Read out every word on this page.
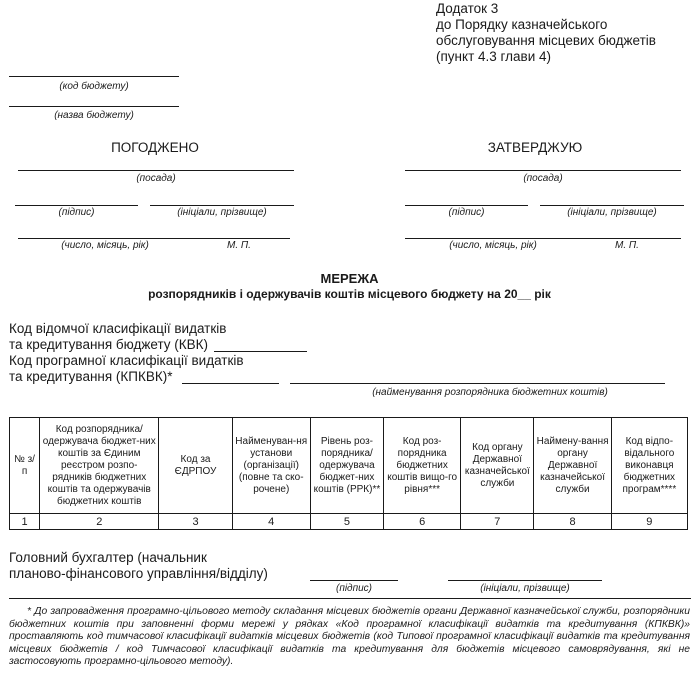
Додаток 3
до Порядку казначейського
обслуговування місцевих бюджетів
(пункт 4.3 глави 4)
(код бюджету)
(назва бюджету)
ПОГОДЖЕНО
(посада)
(підпис)	(ініціали, прізвище)
(число, місяць, рік)	М. П.
ЗАТВЕРДЖУЮ
(посада)
(підпис)	(ініціали, прізвище)
(число, місяць, рік)	М. П.
МЕРЕЖА
розпорядників і одержувачів коштів місцевого бюджету на 20__ рік
Код відомчої класифікації видатків
та кредитування бюджету (КВК)
Код програмної класифікації видатків
та кредитування (КПКВК)*
(найменування розпорядника бюджетних коштів)
№ з/п	Код розпорядника/ одержувача бюджет-них коштів за Єдиним реєстром розпо-рядників бюджетних коштів та одержувачів бюджетних коштів	Код за ЄДРПОУ	Найменуван-ня установи (організації) (повне та ско-рочене)	Рівень роз-порядника/ одержувача бюджет-них коштів (РРК)**	Код роз-порядника бюджетних коштів вищо-го рівня***	Код органу Державної казначейської служби	Наймену-вання органу Державної казначейської служби	Код відпо-відального виконавця бюджетних програм****
1	2	3	4	5	6	7	8	9
Головний бухгалтер (начальник
планово-фінансового управління/відділу)
(підпис)	(ініціали, прізвище)
* До запровадження програмно-цільового методу складання місцевих бюджетів органи Державної казначейської служби, розпорядники бюджетних коштів при заповненні форми мережі у рядках «Код програмної класифікації видатків та кредитування (КПКВК)» проставляють код тимчасової класифікації видатків місцевих бюджетів (код Типової програмної класифікації видатків та кредитування місцевих бюджетів / код Тимчасової класифікації видатків та кредитування для бюджетів місцевого самоврядування, які не застосовують програмно-цільового методу).
